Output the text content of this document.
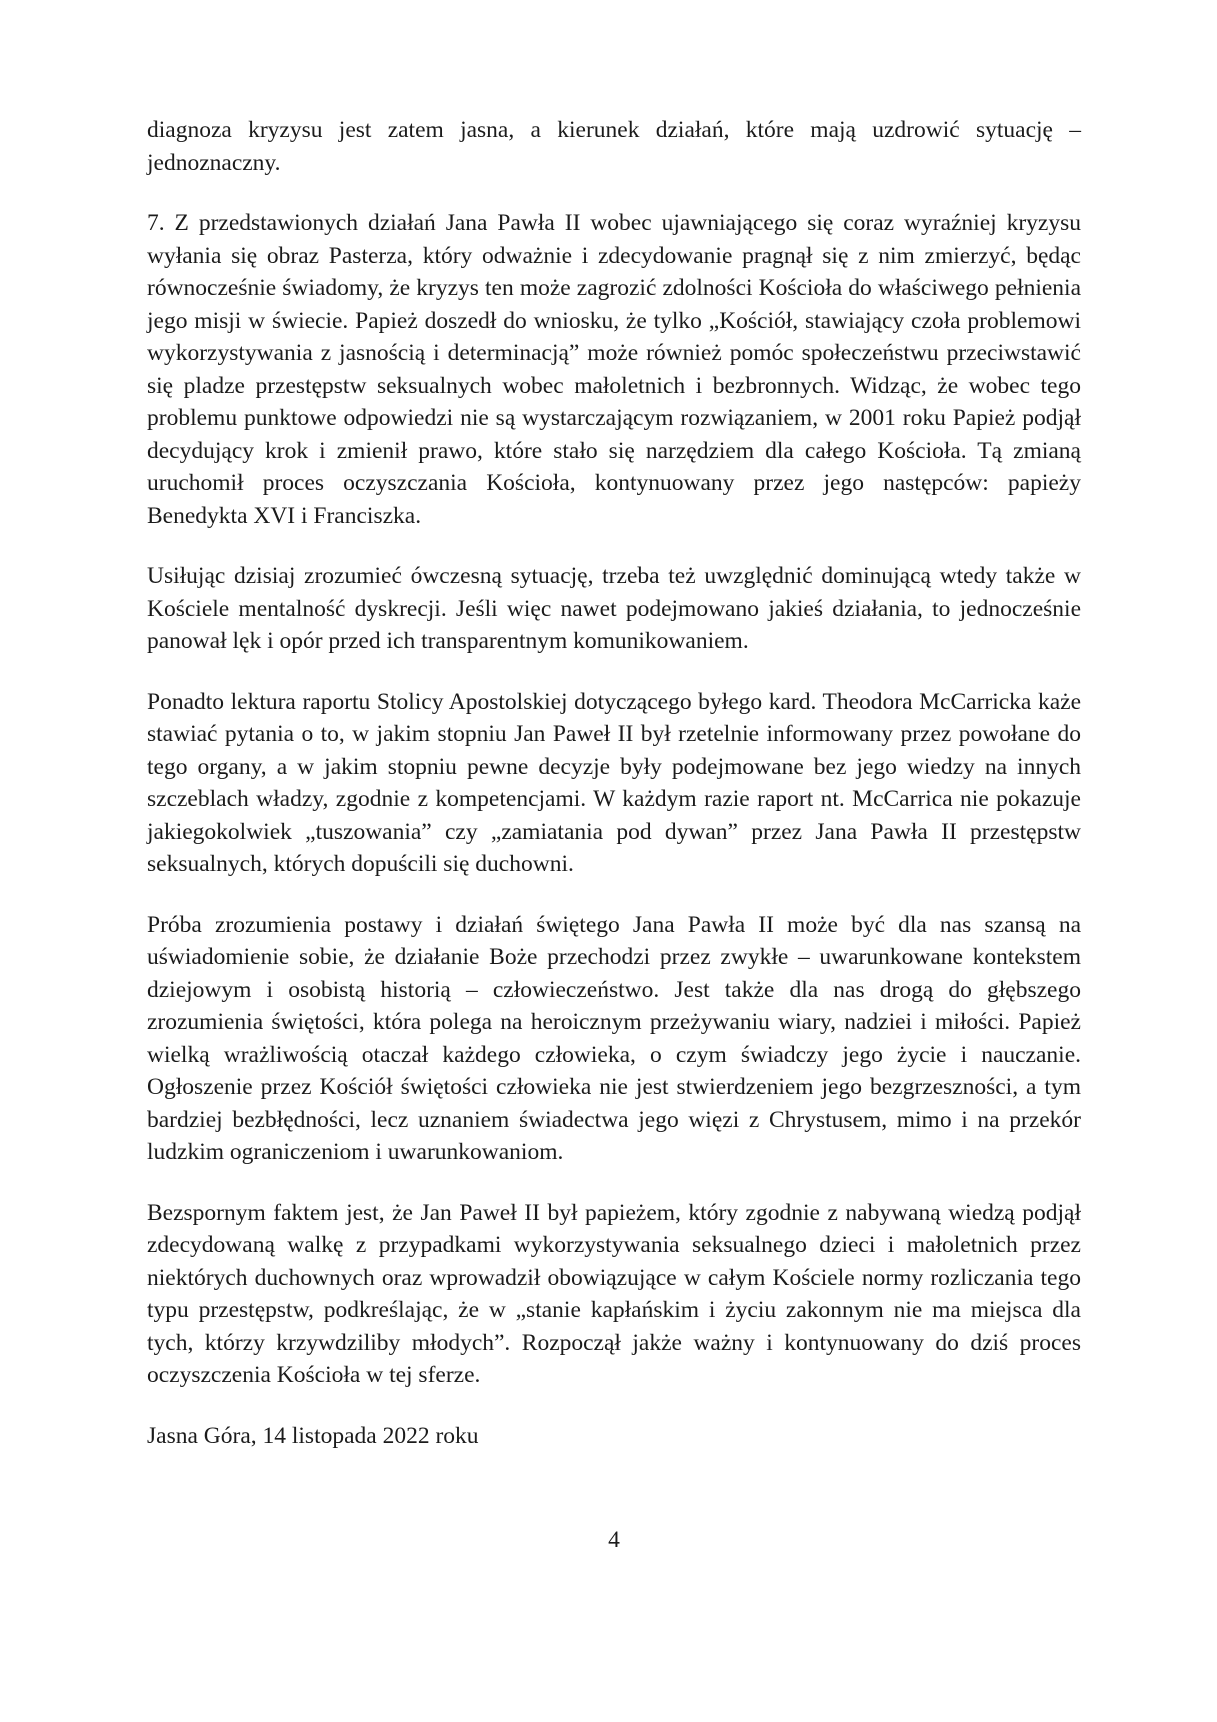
diagnoza kryzysu jest zatem jasna, a kierunek działań, które mają uzdrowić sytuację – jednoznaczny.

7. Z przedstawionych działań Jana Pawła II wobec ujawniającego się coraz wyraźniej kryzysu wyłania się obraz Pasterza, który odważnie i zdecydowanie pragnął się z nim zmierzyć, będąc równocześnie świadomy, że kryzys ten może zagrozić zdolności Kościoła do właściwego pełnienia jego misji w świecie. Papież doszedł do wniosku, że tylko „Kościół, stawiający czoła problemowi wykorzystywania z jasnością i determinacją” może również pomóc społeczeństwu przeciwstawić się pladze przestępstw seksualnych wobec małoletnich i bezbronnych. Widząc, że wobec tego problemu punktowe odpowiedzi nie są wystarczającym rozwiązaniem, w 2001 roku Papież podjął decydujący krok i zmienił prawo, które stało się narzędziem dla całego Kościoła. Tą zmianą uruchomił proces oczyszczania Kościoła, kontynuowany przez jego następców: papieży Benedykta XVI i Franciszka.

Usiłując dzisiaj zrozumieć ówczesną sytuację, trzeba też uwzględnić dominującą wtedy także w Kościele mentalność dyskrecji. Jeśli więc nawet podejmowano jakieś działania, to jednocześnie panował lęk i opór przed ich transparentnym komunikowaniem.

Ponadto lektura raportu Stolicy Apostolskiej dotyczącego byłego kard. Theodora McCarricka każe stawiać pytania o to, w jakim stopniu Jan Paweł II był rzetelnie informowany przez powołane do tego organy, a w jakim stopniu pewne decyzje były podejmowane bez jego wiedzy na innych szczeblach władzy, zgodnie z kompetencjami. W każdym razie raport nt. McCarrica nie pokazuje jakiegokolwiek „tuszowania” czy „zamiatania pod dywan” przez Jana Pawła II przestępstw seksualnych, których dopuścili się duchowni.

Próba zrozumienia postawy i działań świętego Jana Pawła II może być dla nas szansą na uświadomienie sobie, że działanie Boże przechodzi przez zwykłe – uwarunkowane kontekstem dziejowym i osobistą historią – człowieczeństwo. Jest także dla nas drogą do głębszego zrozumienia świętości, która polega na heroicznym przeżywaniu wiary, nadziei i miłości. Papież wielką wrażliwością otaczał każdego człowieka, o czym świadczy jego życie i nauczanie. Ogłoszenie przez Kościół świętości człowieka nie jest stwierdzeniem jego bezgrzeszności, a tym bardziej bezbłędności, lecz uznaniem świadectwa jego więzi z Chrystusem, mimo i na przekór ludzkim ograniczeniom i uwarunkowaniom.

Bezspornym faktem jest, że Jan Paweł II był papieżem, który zgodnie z nabywaną wiedzą podjął zdecydowaną walkę z przypadkami wykorzystywania seksualnego dzieci i małoletnich przez niektórych duchownych oraz wprowadził obowiązujące w całym Kościele normy rozliczania tego typu przestępstw, podkreślając, że w „stanie kapłańskim i życiu zakonnym nie ma miejsca dla tych, którzy krzywdziliby młodych”. Rozpoczął jakże ważny i kontynuowany do dziś proces oczyszczenia Kościoła w tej sferze.

Jasna Góra, 14 listopada 2022 roku

4
